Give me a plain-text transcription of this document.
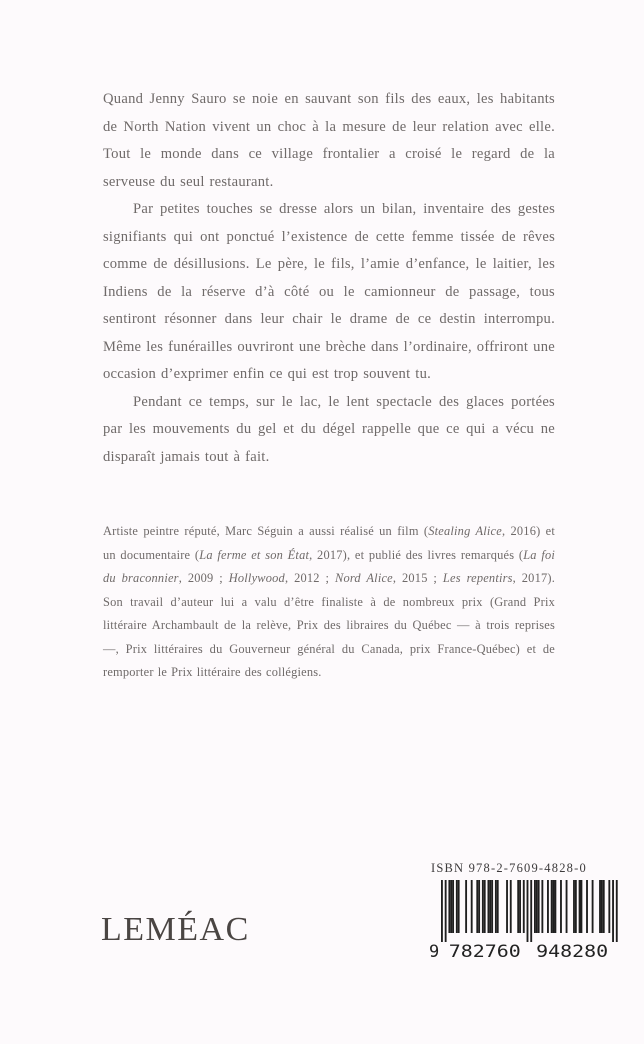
Quand Jenny Sauro se noie en sauvant son fils des eaux, les habitants de North Nation vivent un choc à la mesure de leur relation avec elle. Tout le monde dans ce village frontalier a croisé le regard de la serveuse du seul restaurant.

Par petites touches se dresse alors un bilan, inventaire des gestes signifiants qui ont ponctué l’existence de cette femme tissée de rêves comme de désillusions. Le père, le fils, l’amie d’enfance, le laitier, les Indiens de la réserve d’à côté ou le camionneur de passage, tous sentiront résonner dans leur chair le drame de ce destin interrompu. Même les funérailles ouvriront une brèche dans l’ordinaire, offriront une occasion d’exprimer enfin ce qui est trop souvent tu.

Pendant ce temps, sur le lac, le lent spectacle des glaces portées par les mouvements du gel et du dégel rappelle que ce qui a vécu ne disparaît jamais tout à fait.

Artiste peintre réputé, Marc Séguin a aussi réalisé un film (Stealing Alice, 2016) et un documentaire (La ferme et son État, 2017), et publié des livres remarqués (La foi du braconnier, 2009 ; Hollywood, 2012 ; Nord Alice, 2015 ; Les repentirs, 2017). Son travail d’auteur lui a valu d’être finaliste à de nombreux prix (Grand Prix littéraire Archambault de la relève, Prix des libraires du Québec — à trois reprises —, Prix littéraires du Gouverneur général du Canada, prix France-Québec) et de remporter le Prix littéraire des collégiens.
LEMÉAC
ISBN 978-2-7609-4828-0
9 782760 948280
